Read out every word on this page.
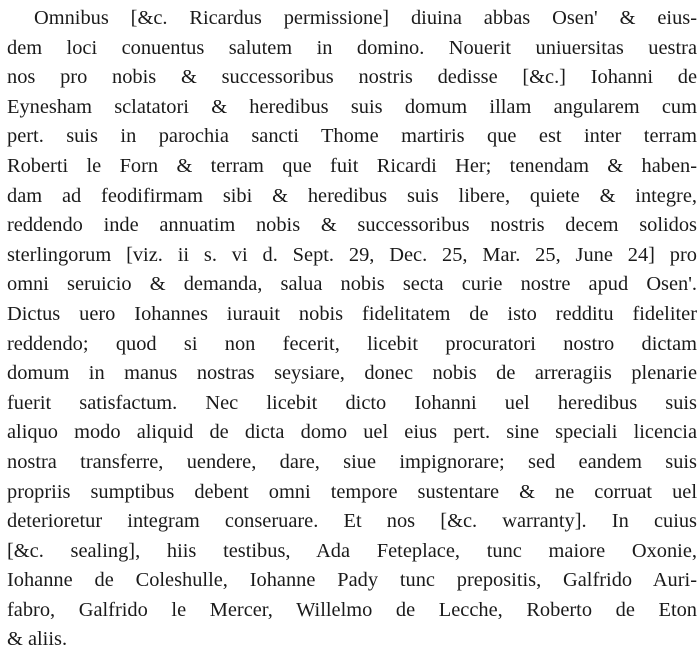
Omnibus [&c. Ricardus permissione] diuina abbas Osen' & eius-
dem loci conuentus salutem in domino. Nouerit uniuersitas uestra
nos pro nobis & successoribus nostris dedisse [&c.] Iohanni de
Eynesham sclatatori & heredibus suis domum illam angularem cum
pert. suis in parochia sancti Thome martiris que est inter terram
Roberti le Forn & terram que fuit Ricardi Her; tenendam & haben-
dam ad feodifirmam sibi & heredibus suis libere, quiete & integre,
reddendo inde annuatim nobis & successoribus nostris decem solidos
sterlingorum [viz. ii s. vi d. Sept. 29, Dec. 25, Mar. 25, June 24] pro
omni seruicio & demanda, salua nobis secta curie nostre apud Osen'.
Dictus uero Iohannes iurauit nobis fidelitatem de isto redditu fideliter
reddendo; quod si non fecerit, licebit procuratori nostro dictam
domum in manus nostras seysiare, donec nobis de arreragiis plenarie
fuerit satisfactum. Nec licebit dicto Iohanni uel heredibus suis
aliquo modo aliquid de dicta domo uel eius pert. sine speciali licencia
nostra transferre, uendere, dare, siue impignorare; sed eandem suis
propriis sumptibus debent omni tempore sustentare & ne corruat uel
deterioretur integram conseruare. Et nos [&c. warranty]. In cuius
[&c. sealing], hiis testibus, Ada Feteplace, tunc maiore Oxonie,
Iohanne de Coleshulle, Iohanne Pady tunc prepositis, Galfrido Auri-
fabro, Galfrido le Mercer, Willelmo de Lecche, Roberto de Eton
& aliis.
